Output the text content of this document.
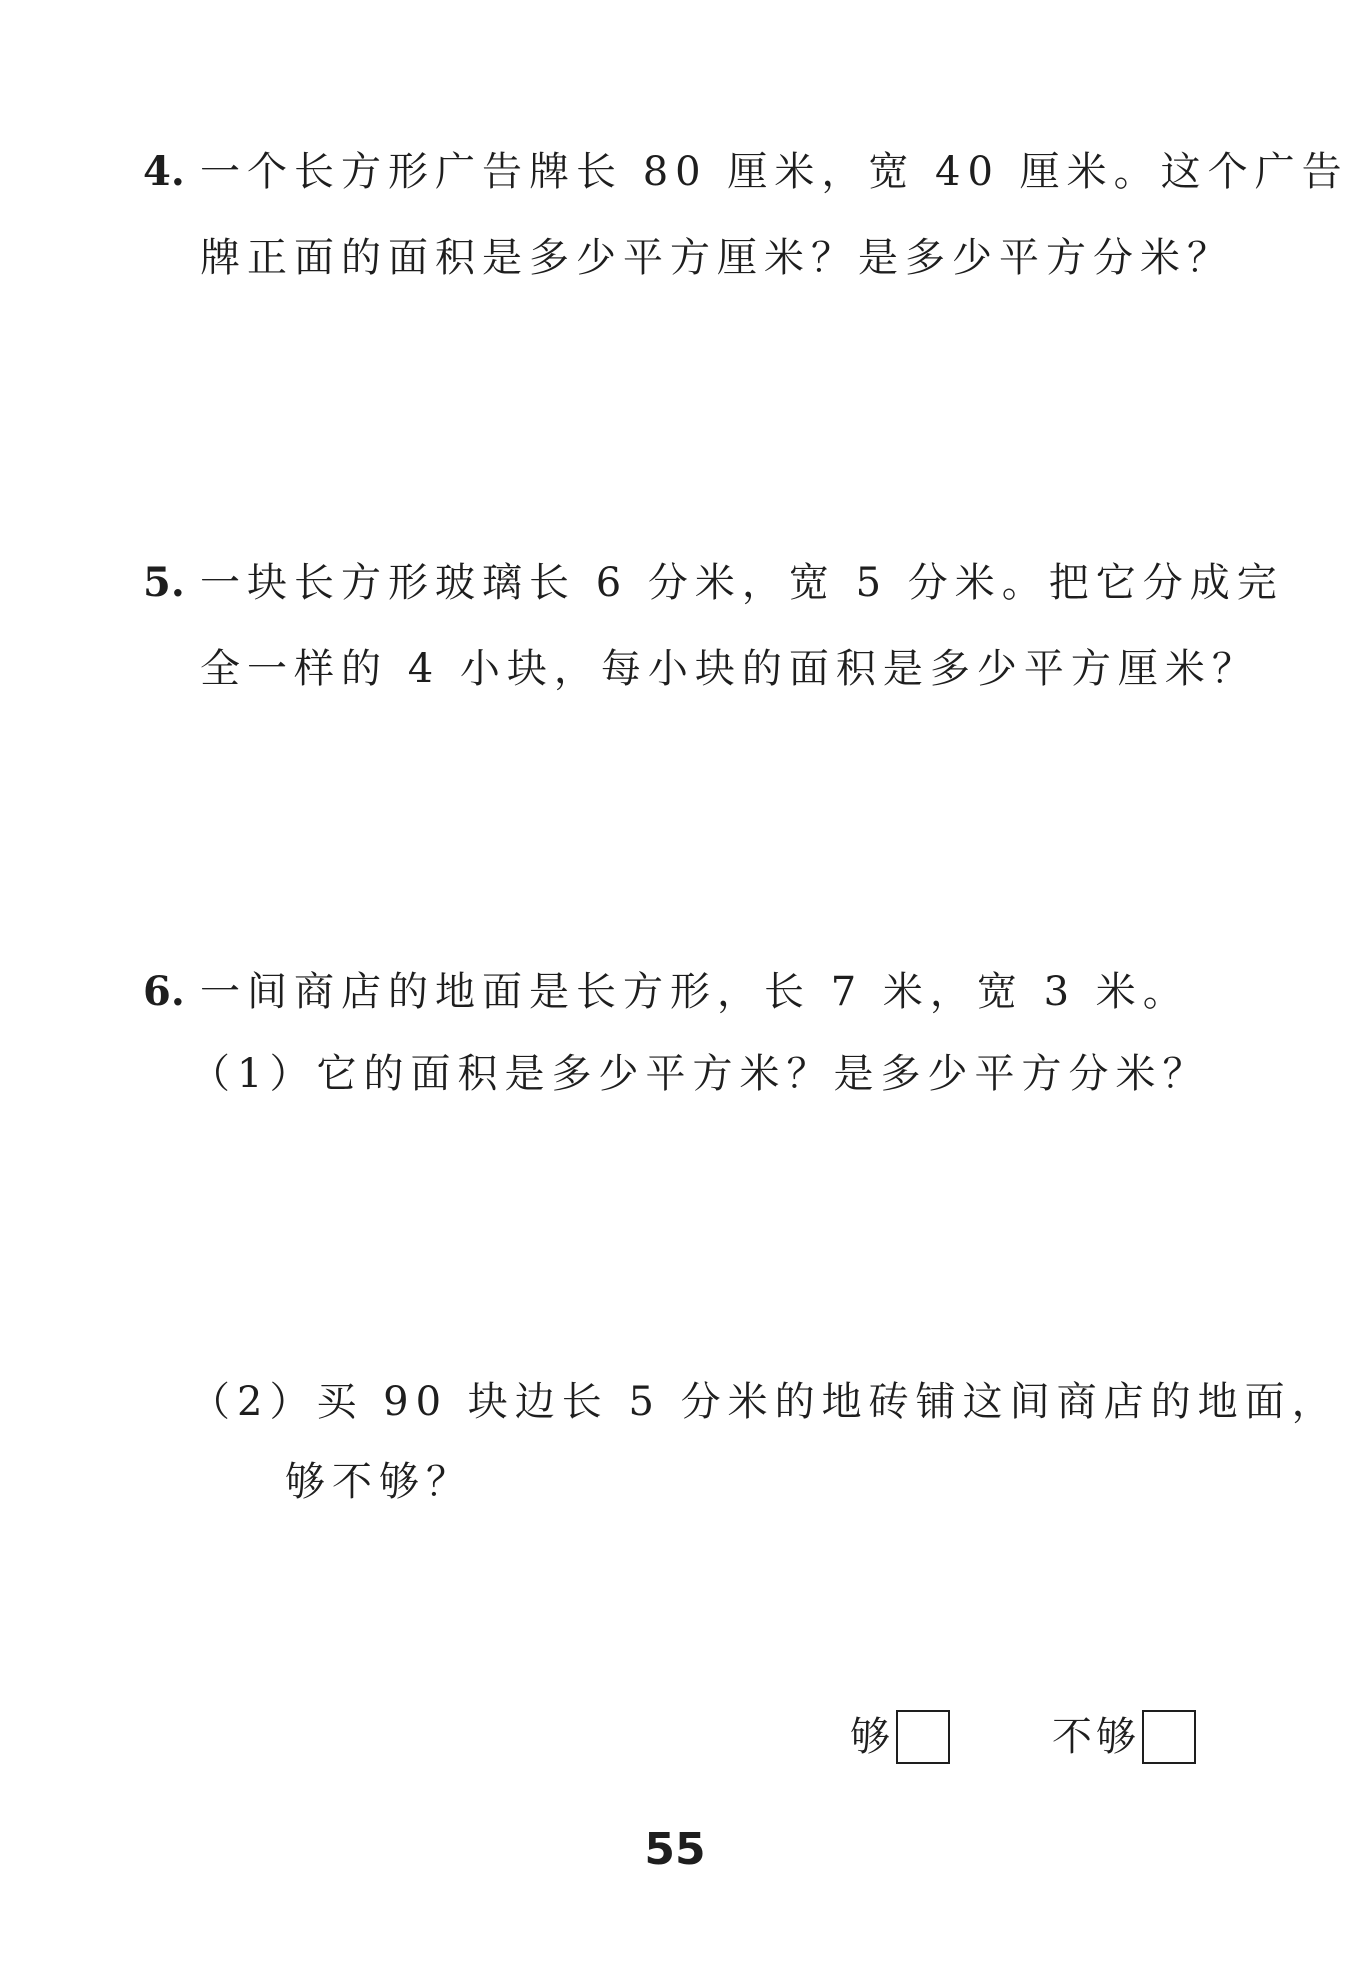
4. 一个长方形广告牌长 80 厘米，宽 40 厘米。这个广告
牌正面的面积是多少平方厘米？是多少平方分米？
5. 一块长方形玻璃长 6 分米，宽 5 分米。把它分成完
全一样的 4 小块，每小块的面积是多少平方厘米？
6. 一间商店的地面是长方形，长 7 米，宽 3 米。
（1）它的面积是多少平方米？是多少平方分米？
（2）买 90 块边长 5 分米的地砖铺这间商店的地面，
够不够？
够	不够
55
